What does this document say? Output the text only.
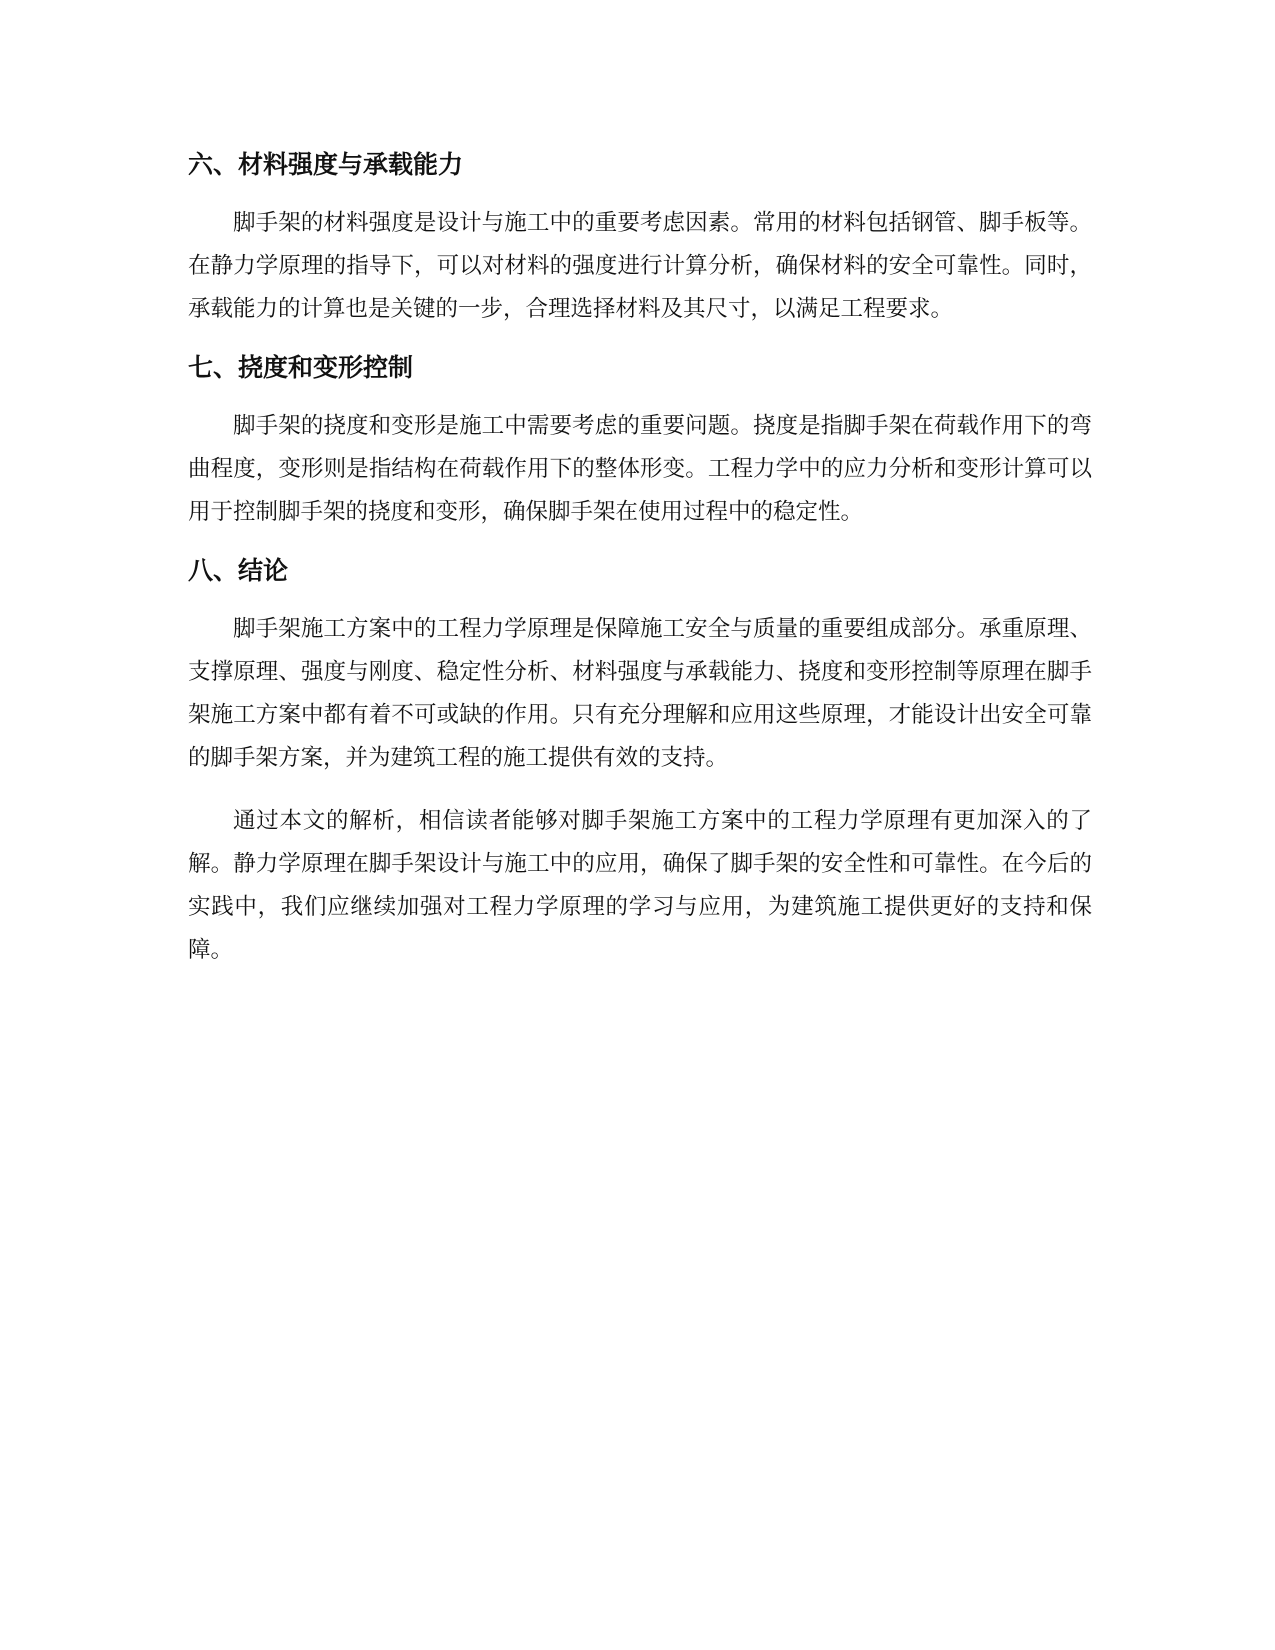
六、材料强度与承载能力

脚手架的材料强度是设计与施工中的重要考虑因素。常用的材料包括钢管、脚手板等。在静力学原理的指导下，可以对材料的强度进行计算分析，确保材料的安全可靠性。同时，承载能力的计算也是关键的一步，合理选择材料及其尺寸，以满足工程要求。

七、挠度和变形控制

脚手架的挠度和变形是施工中需要考虑的重要问题。挠度是指脚手架在荷载作用下的弯曲程度，变形则是指结构在荷载作用下的整体形变。工程力学中的应力分析和变形计算可以用于控制脚手架的挠度和变形，确保脚手架在使用过程中的稳定性。

八、结论

脚手架施工方案中的工程力学原理是保障施工安全与质量的重要组成部分。承重原理、支撑原理、强度与刚度、稳定性分析、材料强度与承载能力、挠度和变形控制等原理在脚手架施工方案中都有着不可或缺的作用。只有充分理解和应用这些原理，才能设计出安全可靠的脚手架方案，并为建筑工程的施工提供有效的支持。

通过本文的解析，相信读者能够对脚手架施工方案中的工程力学原理有更加深入的了解。静力学原理在脚手架设计与施工中的应用，确保了脚手架的安全性和可靠性。在今后的实践中，我们应继续加强对工程力学原理的学习与应用，为建筑施工提供更好的支持和保障。
